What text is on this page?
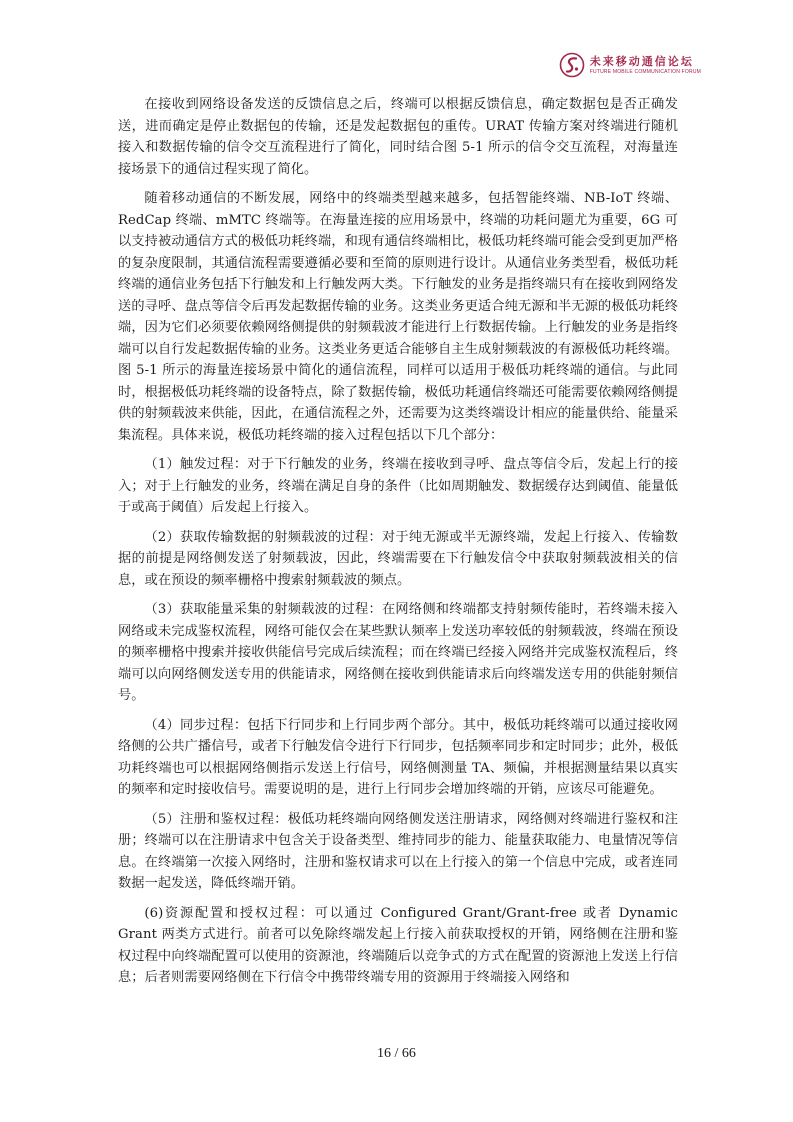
未来移动通信论坛
FUTURE MOBILE COMMUNICATION FORUM

在接收到网络设备发送的反馈信息之后，终端可以根据反馈信息，确定数据包是否正确发送，进而确定是停止数据包的传输，还是发起数据包的重传。URAT 传输方案对终端进行随机接入和数据传输的信令交互流程进行了简化，同时结合图 5-1 所示的信令交互流程，对海量连接场景下的通信过程实现了简化。

随着移动通信的不断发展，网络中的终端类型越来越多，包括智能终端、NB-IoT 终端、RedCap 终端、mMTC 终端等。在海量连接的应用场景中，终端的功耗问题尤为重要，6G 可以支持被动通信方式的极低功耗终端，和现有通信终端相比，极低功耗终端可能会受到更加严格的复杂度限制，其通信流程需要遵循必要和至简的原则进行设计。从通信业务类型看，极低功耗终端的通信业务包括下行触发和上行触发两大类。下行触发的业务是指终端只有在接收到网络发送的寻呼、盘点等信令后再发起数据传输的业务。这类业务更适合纯无源和半无源的极低功耗终端，因为它们必须要依赖网络侧提供的射频载波才能进行上行数据传输。上行触发的业务是指终端可以自行发起数据传输的业务。这类业务更适合能够自主生成射频载波的有源极低功耗终端。图 5-1 所示的海量连接场景中简化的通信流程，同样可以适用于极低功耗终端的通信。与此同时，根据极低功耗终端的设备特点，除了数据传输，极低功耗通信终端还可能需要依赖网络侧提供的射频载波来供能，因此，在通信流程之外，还需要为这类终端设计相应的能量供给、能量采集流程。具体来说，极低功耗终端的接入过程包括以下几个部分：

（1）触发过程：对于下行触发的业务，终端在接收到寻呼、盘点等信令后，发起上行的接入；对于上行触发的业务，终端在满足自身的条件（比如周期触发、数据缓存达到阈值、能量低于或高于阈值）后发起上行接入。

（2）获取传输数据的射频载波的过程：对于纯无源或半无源终端，发起上行接入、传输数据的前提是网络侧发送了射频载波，因此，终端需要在下行触发信令中获取射频载波相关的信息，或在预设的频率栅格中搜索射频载波的频点。

（3）获取能量采集的射频载波的过程：在网络侧和终端都支持射频传能时，若终端未接入网络或未完成鉴权流程，网络可能仅会在某些默认频率上发送功率较低的射频载波，终端在预设的频率栅格中搜索并接收供能信号完成后续流程；而在终端已经接入网络并完成鉴权流程后，终端可以向网络侧发送专用的供能请求，网络侧在接收到供能请求后向终端发送专用的供能射频信号。

（4）同步过程：包括下行同步和上行同步两个部分。其中，极低功耗终端可以通过接收网络侧的公共广播信号，或者下行触发信令进行下行同步，包括频率同步和定时同步；此外，极低功耗终端也可以根据网络侧指示发送上行信号，网络侧测量 TA、频偏，并根据测量结果以真实的频率和定时接收信号。需要说明的是，进行上行同步会增加终端的开销，应该尽可能避免。

（5）注册和鉴权过程：极低功耗终端向网络侧发送注册请求，网络侧对终端进行鉴权和注册；终端可以在注册请求中包含关于设备类型、维持同步的能力、能量获取能力、电量情况等信息。在终端第一次接入网络时，注册和鉴权请求可以在上行接入的第一个信息中完成，或者连同数据一起发送，降低终端开销。

(6)资源配置和授权过程：可以通过 Configured Grant/Grant-free 或者 Dynamic Grant 两类方式进行。前者可以免除终端发起上行接入前获取授权的开销，网络侧在注册和鉴权过程中向终端配置可以使用的资源池，终端随后以竞争式的方式在配置的资源池上发送上行信息；后者则需要网络侧在下行信令中携带终端专用的资源用于终端接入网络和

16 / 66
